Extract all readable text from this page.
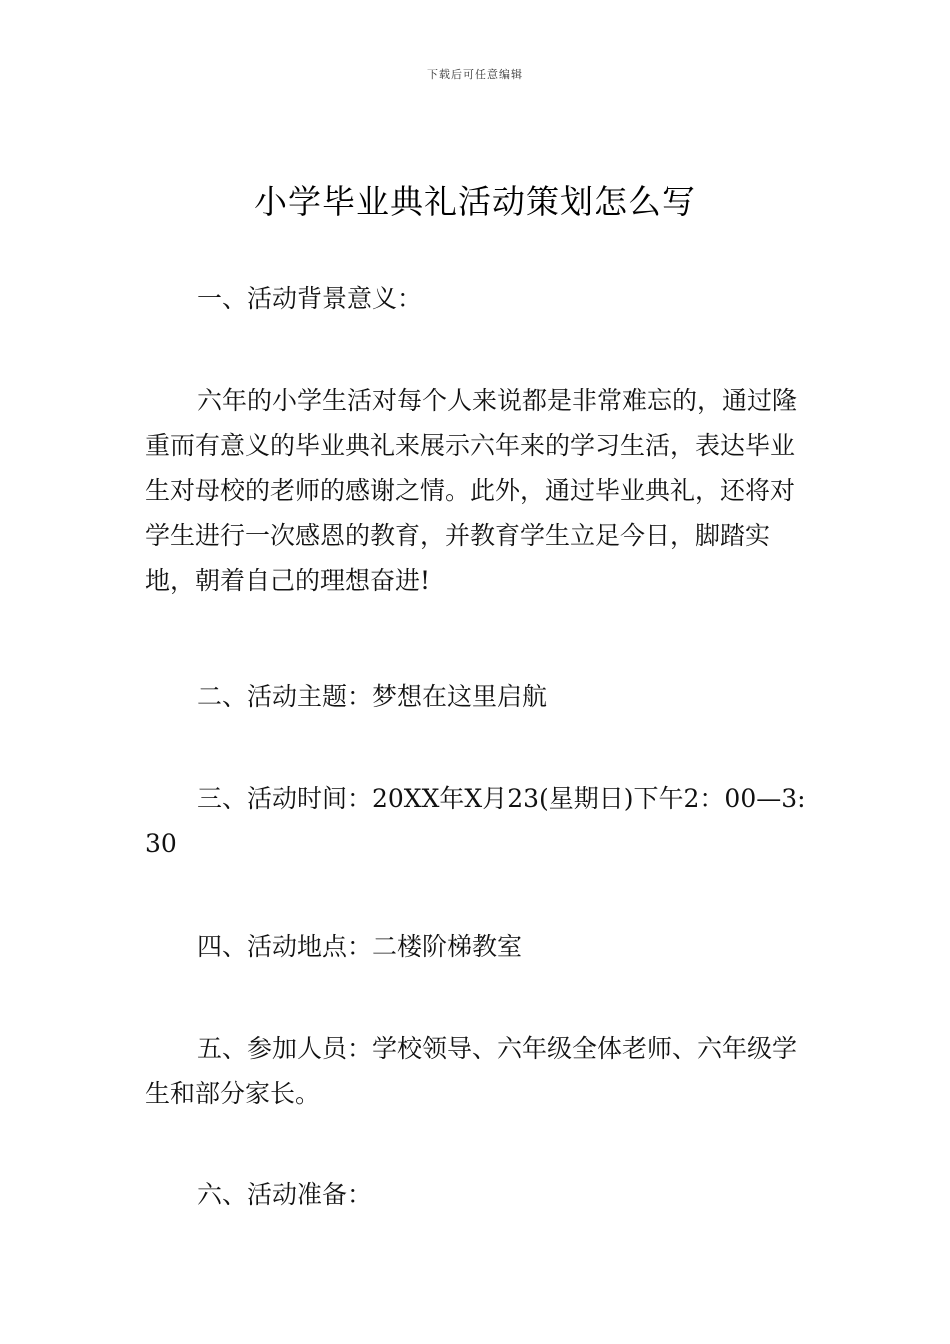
下载后可任意编辑
小学毕业典礼活动策划怎么写

一、活动背景意义：

六年的小学生活对每个人来说都是非常难忘的，通过隆重而有意义的毕业典礼来展示六年来的学习生活，表达毕业生对母校的老师的感谢之情。此外，通过毕业典礼，还将对学生进行一次感恩的教育，并教育学生立足今日，脚踏实地，朝着自己的理想奋进!

二、活动主题：梦想在这里启航

三、活动时间：20XX年X月23(星期日)下午2：00—3:30

四、活动地点：二楼阶梯教室

五、参加人员：学校领导、六年级全体老师、六年级学生和部分家长。

六、活动准备：
